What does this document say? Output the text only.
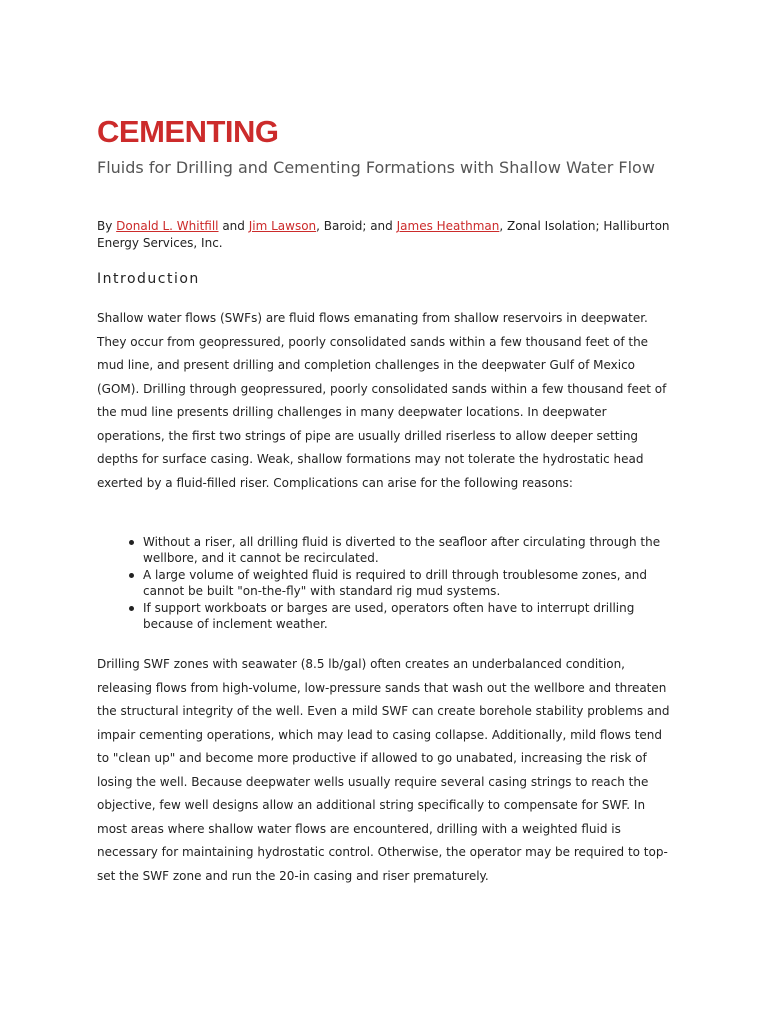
CEMENTING
Fluids for Drilling and Cementing Formations with Shallow Water Flow
By Donald L. Whitfill and Jim Lawson, Baroid; and James Heathman, Zonal Isolation; Halliburton Energy Services, Inc.
Introduction

Shallow water flows (SWFs) are fluid flows emanating from shallow reservoirs in deepwater. They occur from geopressured, poorly consolidated sands within a few thousand feet of the mud line, and present drilling and completion challenges in the deepwater Gulf of Mexico (GOM). Drilling through geopressured, poorly consolidated sands within a few thousand feet of the mud line presents drilling challenges in many deepwater locations. In deepwater operations, the first two strings of pipe are usually drilled riserless to allow deeper setting depths for surface casing. Weak, shallow formations may not tolerate the hydrostatic head exerted by a fluid-filled riser. Complications can arise for the following reasons:

Without a riser, all drilling fluid is diverted to the seafloor after circulating through the wellbore, and it cannot be recirculated.
A large volume of weighted fluid is required to drill through troublesome zones, and cannot be built "on-the-fly" with standard rig mud systems.
If support workboats or barges are used, operators often have to interrupt drilling because of inclement weather.

Drilling SWF zones with seawater (8.5 lb/gal) often creates an underbalanced condition, releasing flows from high-volume, low-pressure sands that wash out the wellbore and threaten the structural integrity of the well. Even a mild SWF can create borehole stability problems and impair cementing operations, which may lead to casing collapse. Additionally, mild flows tend to "clean up" and become more productive if allowed to go unabated, increasing the risk of losing the well. Because deepwater wells usually require several casing strings to reach the objective, few well designs allow an additional string specifically to compensate for SWF. In most areas where shallow water flows are encountered, drilling with a weighted fluid is necessary for maintaining hydrostatic control. Otherwise, the operator may be required to top-set the SWF zone and run the 20-in casing and riser prematurely.
